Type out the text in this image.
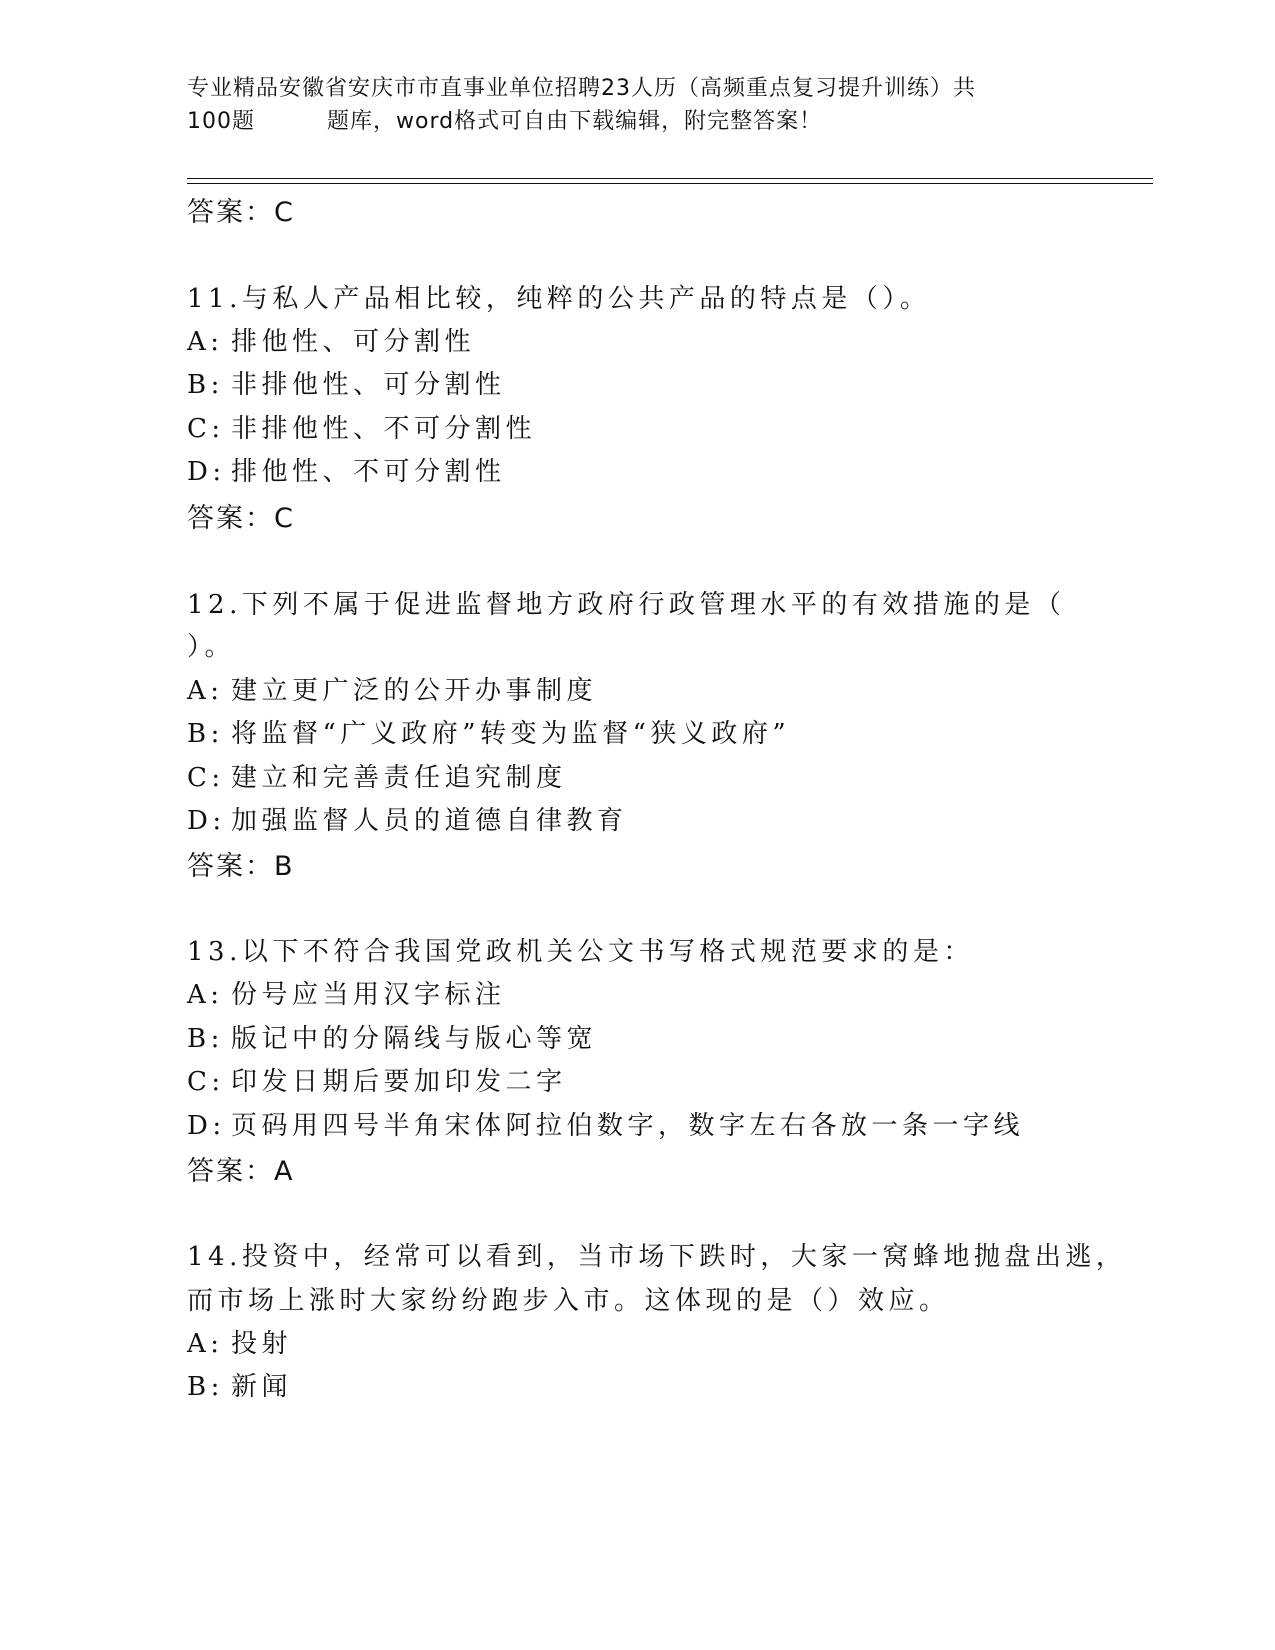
专业精品安徽省安庆市市直事业单位招聘23人历（高频重点复习提升训练）共
100题	题库，word格式可自由下载编辑，附完整答案！
答案：C
11.与私人产品相比较，纯粹的公共产品的特点是（）。
A: 排他性、可分割性
B: 非排他性、可分割性
C: 非排他性、不可分割性
D: 排他性、不可分割性
答案：C
12.下列不属于促进监督地方政府行政管理水平的有效措施的是（
）。
A: 建立更广泛的公开办事制度
B: 将监督“广义政府”转变为监督“狭义政府”
C: 建立和完善责任追究制度
D: 加强监督人员的道德自律教育
答案：B
13.以下不符合我国党政机关公文书写格式规范要求的是：
A: 份号应当用汉字标注
B: 版记中的分隔线与版心等宽
C: 印发日期后要加印发二字
D: 页码用四号半角宋体阿拉伯数字，数字左右各放一条一字线
答案：A
14.投资中，经常可以看到，当市场下跌时，大家一窝蜂地抛盘出逃，
而市场上涨时大家纷纷跑步入市。这体现的是（）效应。
A: 投射
B: 新闻
